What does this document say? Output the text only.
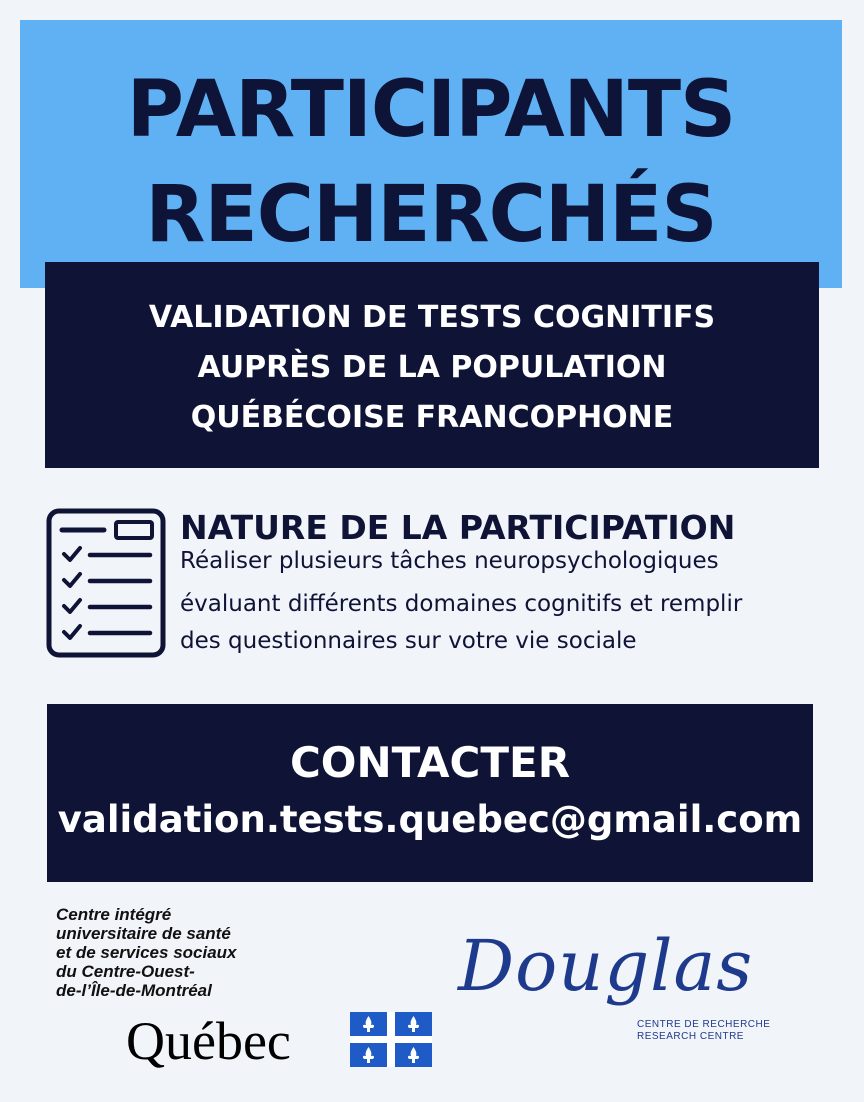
PARTICIPANTS
RECHERCHÉS
VALIDATION DE TESTS COGNITIFS
AUPRÈS DE LA POPULATION
QUÉBÉCOISE FRANCOPHONE
NATURE DE LA PARTICIPATION
Réaliser plusieurs tâches neuropsychologiques
évaluant différents domaines cognitifs et remplir
des questionnaires sur votre vie sociale
CONTACTER
validation.tests.quebec@gmail.com
Centre intégré
universitaire de santé
et de services sociaux
du Centre-Ouest-
de-l’Île-de-Montréal
Québec
Douglas
CENTRE DE RECHERCHE
RESEARCH CENTRE
